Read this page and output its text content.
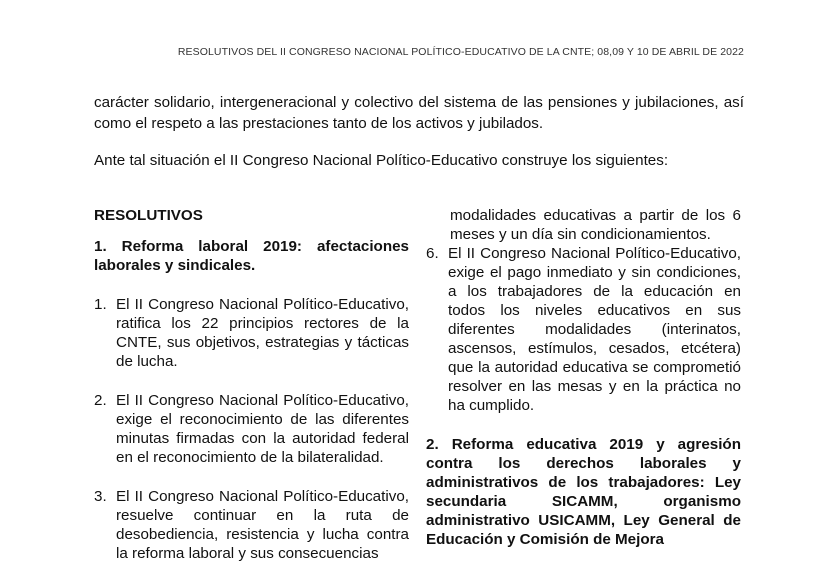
RESOLUTIVOS DEL II CONGRESO NACIONAL POLÍTICO-EDUCATIVO DE LA CNTE; 08,09 Y 10 DE ABRIL DE 2022

carácter solidario, intergeneracional y colectivo del sistema de las pensiones y jubilaciones, así como el respeto a las prestaciones tanto de los activos y jubilados.

Ante tal situación el II Congreso Nacional Político-Educativo construye los siguientes:

RESOLUTIVOS

1. Reforma laboral 2019: afectaciones laborales y sindicales.

1. El II Congreso Nacional Político-Educativo, ratifica los 22 principios rectores de la CNTE, sus objetivos, estrategias y tácticas de lucha.
2. El II Congreso Nacional Político-Educativo, exige el reconocimiento de las diferentes minutas firmadas con la autoridad federal en el reconocimiento de la bilateralidad.
3. El II Congreso Nacional Político-Educativo, resuelve continuar en la ruta de desobediencia, resistencia y lucha contra la reforma laboral y sus consecuencias

modalidades educativas a partir de los 6 meses y un día sin condicionamientos.

6. El II Congreso Nacional Político-Educativo, exige el pago inmediato y sin condiciones, a los trabajadores de la educación en todos los niveles educativos en sus diferentes modalidades (interinatos, ascensos, estímulos, cesados, etcétera) que la autoridad educativa se comprometió resolver en las mesas y en la práctica no ha cumplido.

2. Reforma educativa 2019 y agresión contra los derechos laborales y administrativos de los trabajadores: Ley secundaria SICAMM, organismo administrativo USICAMM, Ley General de Educación y Comisión de Mejora
